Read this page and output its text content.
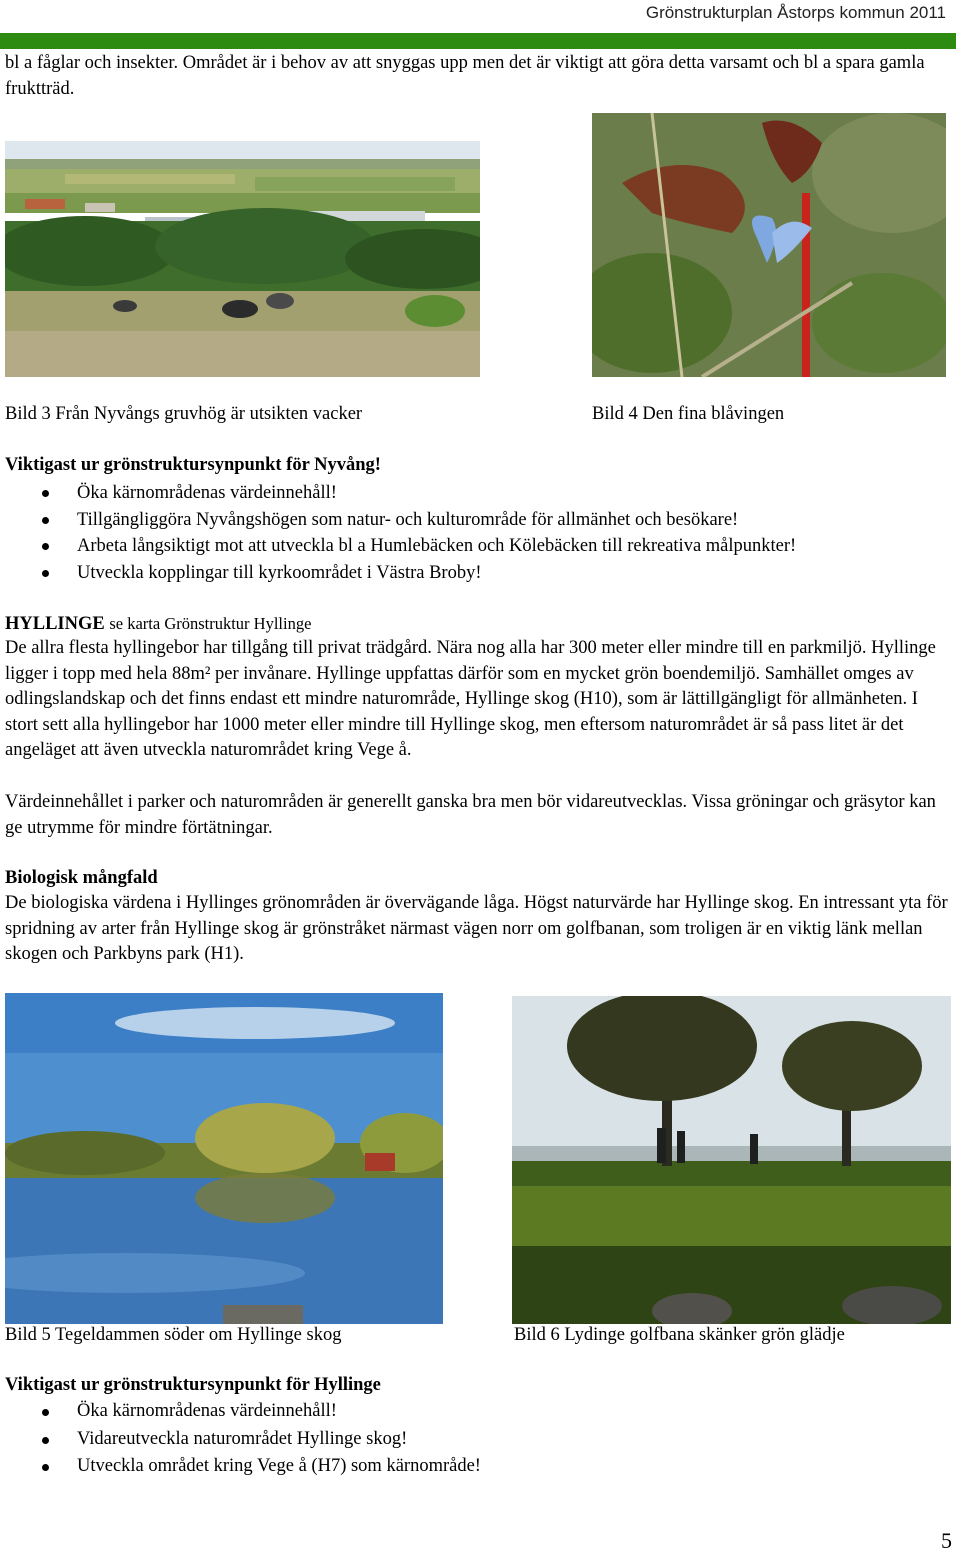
Grönstrukturplan Åstorps kommun 2011
bl a fåglar och insekter. Området är i behov av att snyggas upp men det är viktigt att göra detta varsamt och bl a spara gamla fruktträd.
Bild 3 Från Nyvångs gruvhög är utsikten vacker	Bild 4 Den fina blåvingen
Viktigast ur grönstruktursynpunkt för Nyvång!
Öka kärnområdenas värdeinnehåll!
Tillgängliggöra Nyvångshögen som natur- och kulturområde för allmänhet och besökare!
Arbeta långsiktigt mot att utveckla bl a Humlebäcken och Kölebäcken till rekreativa målpunkter!
Utveckla kopplingar till kyrkoområdet i Västra Broby!
HYLLINGE se karta Grönstruktur Hyllinge
De allra flesta hyllingebor har tillgång till privat trädgård. Nära nog alla har 300 meter eller mindre till en parkmiljö. Hyllinge ligger i topp med hela 88m² per invånare. Hyllinge uppfattas därför som en mycket grön boendemiljö. Samhället omges av odlingslandskap och det finns endast ett mindre naturområde, Hyllinge skog (H10), som är lättillgängligt för allmänheten. I stort sett alla hyllingebor har 1000 meter eller mindre till Hyllinge skog, men eftersom naturområdet är så pass litet är det angeläget att även utveckla naturområdet kring Vege å.
Värdeinnehållet i parker och naturområden är generellt ganska bra men bör vidareutvecklas. Vissa gröningar och gräsytor kan ge utrymme för mindre förtätningar.
Biologisk mångfald
De biologiska värdena i Hyllinges grönområden är övervägande låga. Högst naturvärde har Hyllinge skog. En intressant yta för spridning av arter från Hyllinge skog är grönstråket närmast vägen norr om golfbanan, som troligen är en viktig länk mellan skogen och Parkbyns park (H1).
Bild 5 Tegeldammen söder om Hyllinge skog	Bild 6 Lydinge golfbana skänker grön glädje
Viktigast ur grönstruktursynpunkt för Hyllinge
Öka kärnområdenas värdeinnehåll!
Vidareutveckla naturområdet Hyllinge skog!
Utveckla området kring Vege å (H7) som kärnområde!
5
